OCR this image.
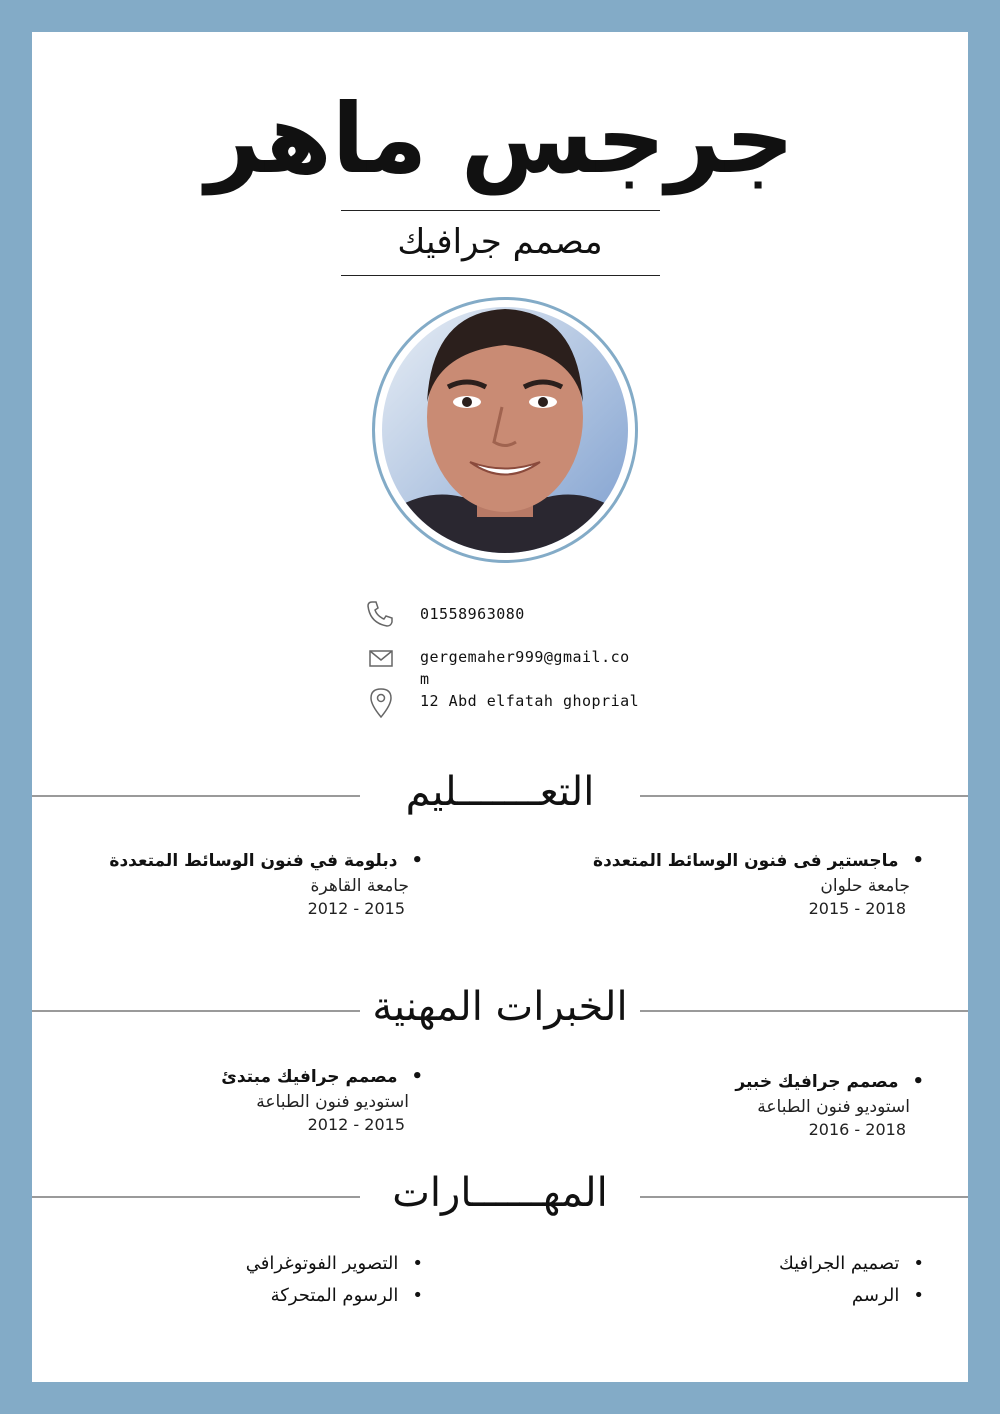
جرجس ماهر
مصمم جرافيك
01558963080
gergemaher999@gmail.co
m
12 Abd elfatah ghoprial
التعـــــــليم
• ماجستير فى فنون الوسائط المتعددة
جامعة حلوان
2015 - 2018
• دبلومة في فنون الوسائط المتعددة
جامعة القاهرة
2012 - 2015
الخبرات المهنية
• مصمم جرافيك خبير
استوديو فنون الطباعة
2016 - 2018
• مصمم جرافيك مبتدئ
استوديو فنون الطباعة
2012 - 2015
المهــــــارات
• تصميم الجرافيك
• الرسم
• التصوير الفوتوغرافي
• الرسوم المتحركة
